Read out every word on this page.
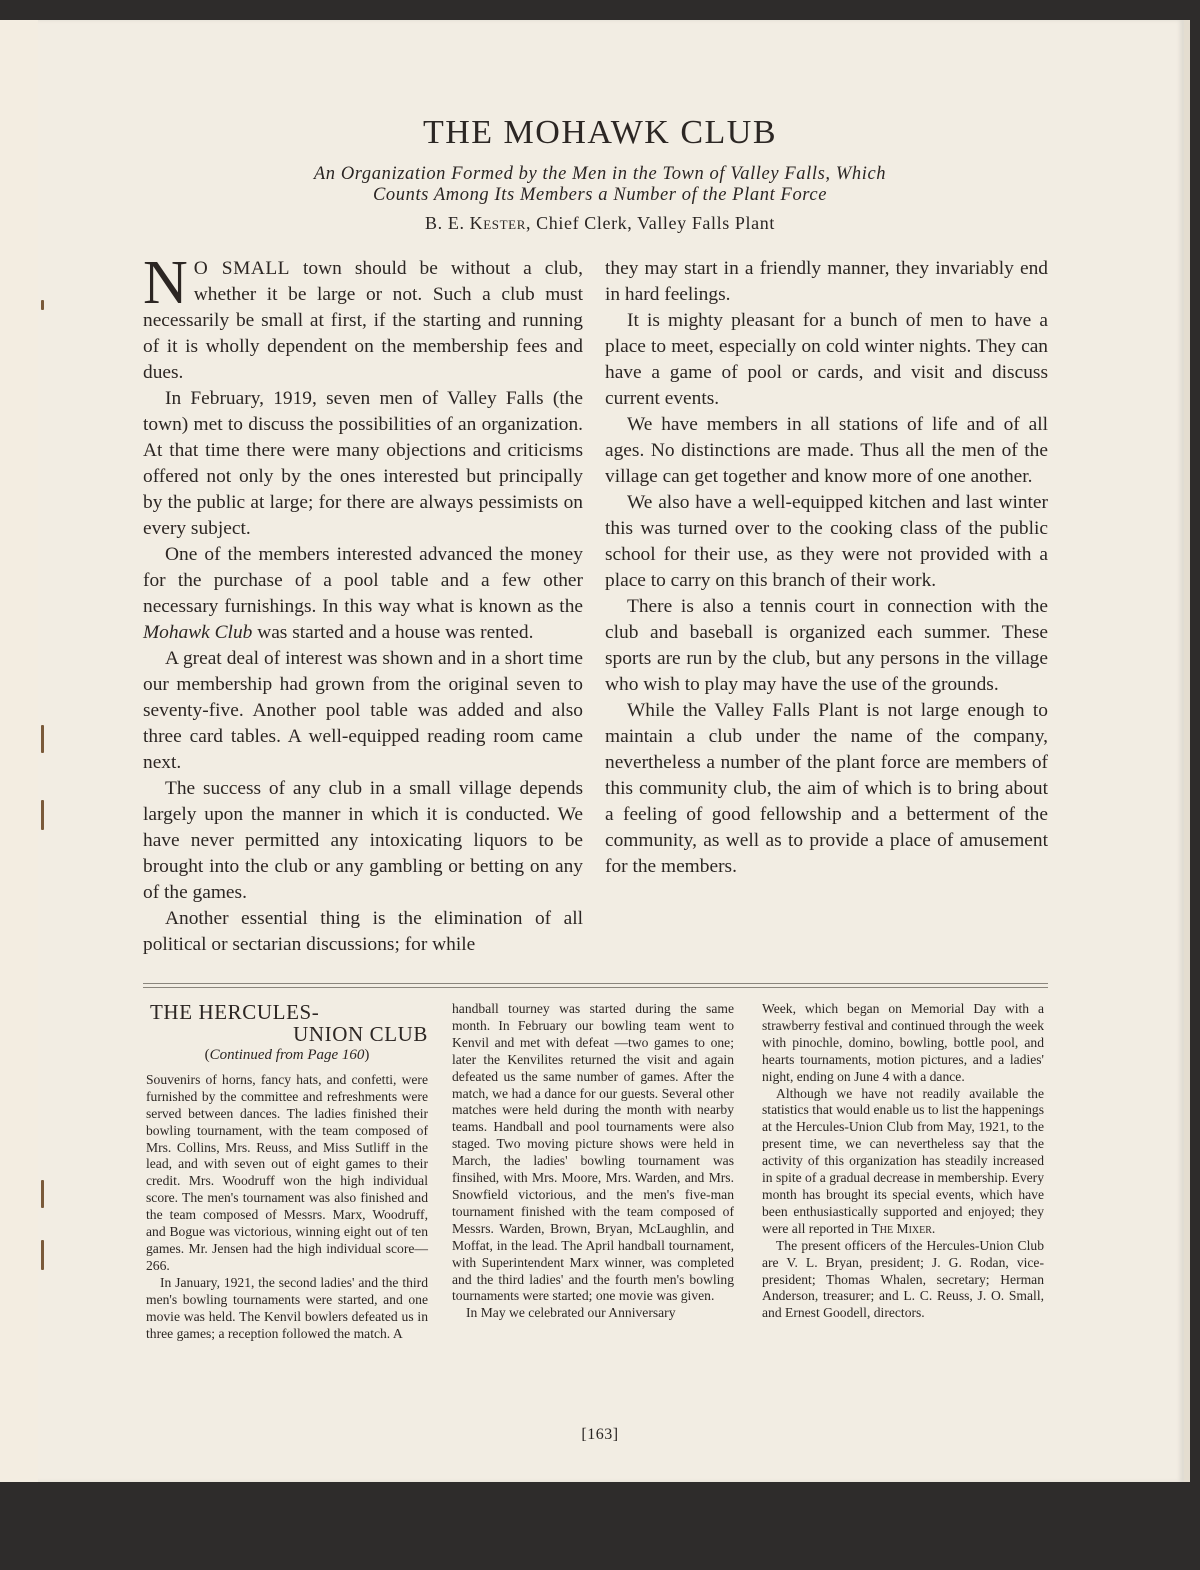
THE MOHAWK CLUB
An Organization Formed by the Men in the Town of Valley Falls, Which
Counts Among Its Members a Number of the Plant Force
B. E. Kester, Chief Clerk, Valley Falls Plant

N O SMALL town should be without a club, whether it be large or not. Such a club must necessarily be small at first, if the starting and running of it is wholly dependent on the membership fees and dues.

In February, 1919, seven men of Valley Falls (the town) met to discuss the possibilities of an organization. At that time there were many objections and criticisms offered not only by the ones interested but principally by the public at large; for there are always pessimists on every subject.

One of the members interested advanced the money for the purchase of a pool table and a few other necessary furnishings. In this way what is known as the Mohawk Club was started and a house was rented.

A great deal of interest was shown and in a short time our membership had grown from the original seven to seventy-five. Another pool table was added and also three card tables. A well-equipped reading room came next.

The success of any club in a small village depends largely upon the manner in which it is conducted. We have never permitted any intoxicating liquors to be brought into the club or any gambling or betting on any of the games.

Another essential thing is the elimination of all political or sectarian discussions; for while

they may start in a friendly manner, they invariably end in hard feelings.

It is mighty pleasant for a bunch of men to have a place to meet, especially on cold winter nights. They can have a game of pool or cards, and visit and discuss current events.

We have members in all stations of life and of all ages. No distinctions are made. Thus all the men of the village can get together and know more of one another.

We also have a well-equipped kitchen and last winter this was turned over to the cooking class of the public school for their use, as they were not provided with a place to carry on this branch of their work.

There is also a tennis court in connection with the club and baseball is organized each summer. These sports are run by the club, but any persons in the village who wish to play may have the use of the grounds.

While the Valley Falls Plant is not large enough to maintain a club under the name of the company, nevertheless a number of the plant force are members of this community club, the aim of which is to bring about a feeling of good fellowship and a betterment of the community, as well as to provide a place of amusement for the members.

THE HERCULES-
UNION CLUB
(Continued from Page 160)

Souvenirs of horns, fancy hats, and confetti, were furnished by the committee and refreshments were served between dances. The ladies finished their bowling tournament, with the team composed of Mrs. Collins, Mrs. Reuss, and Miss Sutliff in the lead, and with seven out of eight games to their credit. Mrs. Woodruff won the high individual score. The men's tournament was also finished and the team composed of Messrs. Marx, Woodruff, and Bogue was victorious, winning eight out of ten games. Mr. Jensen had the high individual score—266.

In January, 1921, the second ladies' and the third men's bowling tournaments were started, and one movie was held. The Kenvil bowlers defeated us in three games; a reception followed the match. A

handball tourney was started during the same month. In February our bowling team went to Kenvil and met with defeat —two games to one; later the Kenvilites returned the visit and again defeated us the same number of games. After the match, we had a dance for our guests. Several other matches were held during the month with nearby teams. Handball and pool tournaments were also staged. Two moving picture shows were held in March, the ladies' bowling tournament was finsihed, with Mrs. Moore, Mrs. Warden, and Mrs. Snowfield victorious, and the men's five-man tournament finished with the team composed of Messrs. Warden, Brown, Bryan, McLaughlin, and Moffat, in the lead. The April handball tournament, with Superintendent Marx winner, was completed and the third ladies' and the fourth men's bowling tournaments were started; one movie was given.

In May we celebrated our Anniversary

Week, which began on Memorial Day with a strawberry festival and continued through the week with pinochle, domino, bowling, bottle pool, and hearts tournaments, motion pictures, and a ladies' night, ending on June 4 with a dance.

Although we have not readily available the statistics that would enable us to list the happenings at the Hercules-Union Club from May, 1921, to the present time, we can nevertheless say that the activity of this organization has steadily increased in spite of a gradual decrease in membership. Every month has brought its special events, which have been enthusiastically supported and enjoyed; they were all reported in The Mixer.

The present officers of the Hercules-Union Club are V. L. Bryan, president; J. G. Rodan, vice-president; Thomas Whalen, secretary; Herman Anderson, treasurer; and L. C. Reuss, J. O. Small, and Ernest Goodell, directors.

[163]
